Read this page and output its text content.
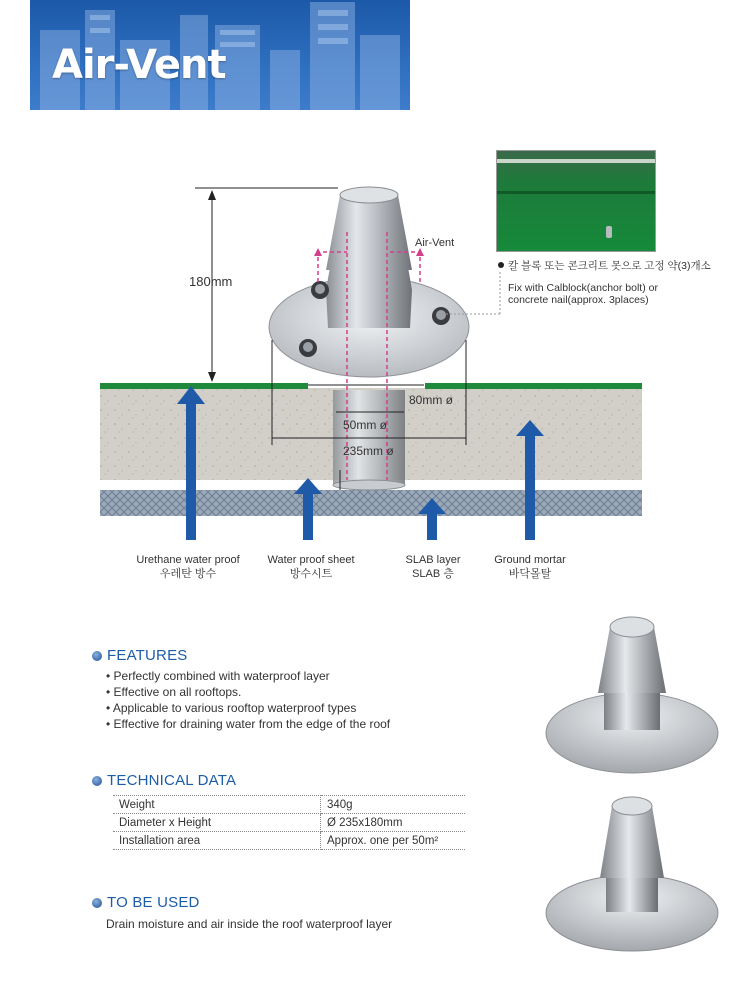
Air-Vent
180mm
Air-Vent
80mm ø
50mm ø
235mm ø
칼 블록 또는 콘크리트 못으로 고정 약(3)개소
Fix with Calblock(anchor bolt) or
concrete nail(approx. 3places)
Urethane water proof
우레탄 방수
Water proof sheet
방수시트
SLAB layer
SLAB 층
Ground mortar
바닥몰탈
FEATURES
• Perfectly combined with waterproof layer
• Effective on all rooftops.
• Applicable to various rooftop waterproof types
• Effective for draining water from the edge of the roof
TECHNICAL DATA
Weight	340g
Diameter x Height	Ø 235x180mm
Installation area	Approx. one per 50m²
TO BE USED
Drain moisture and air inside the roof waterproof layer
